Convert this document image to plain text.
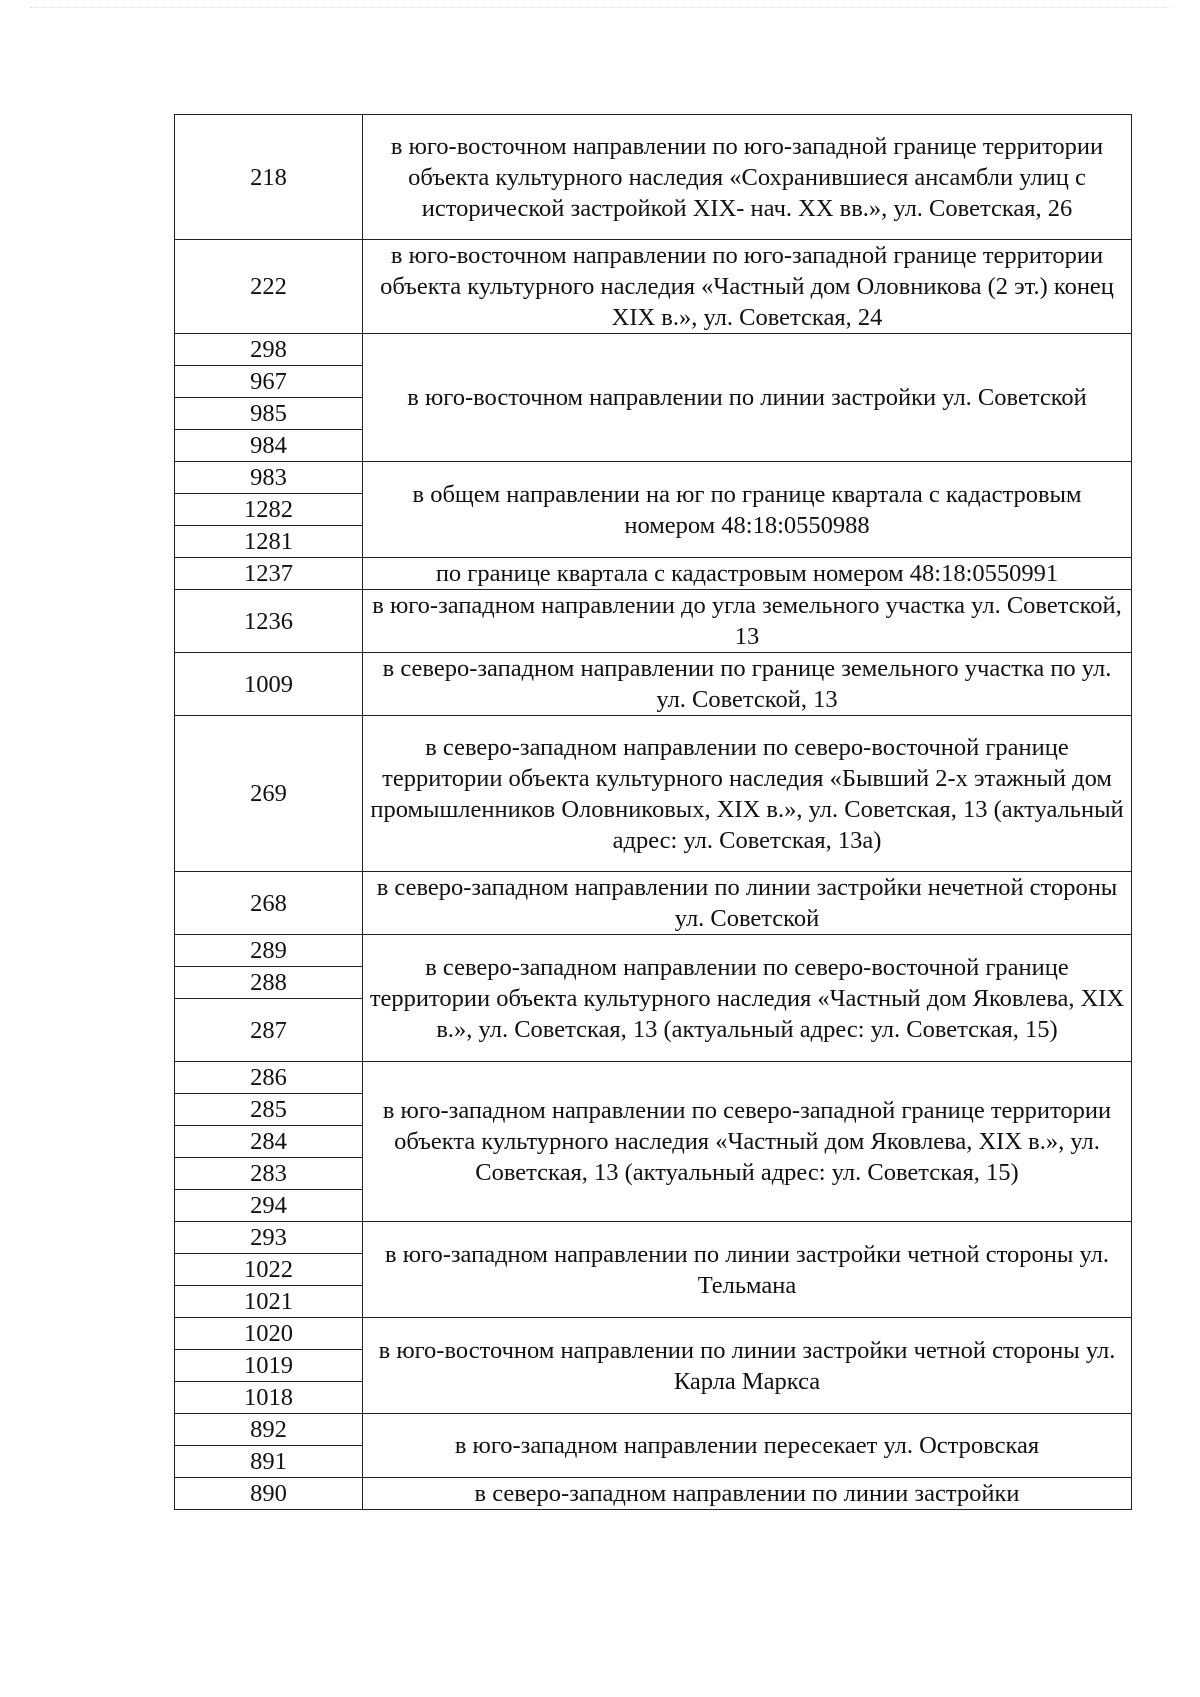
218	в юго-восточном направлении по юго-западной границе территории объекта культурного наследия «Сохранившиеся ансамбли улиц с исторической застройкой XIX- нач. XX вв.», ул. Советская, 26
222	в юго-восточном направлении по юго-западной границе территории объекта культурного наследия «Частный дом Оловникова (2 эт.) конец XIX в.», ул. Советская, 24
298	в юго-восточном направлении по линии застройки ул. Советской
967	
985	
984	
983	в общем направлении на юг по границе квартала с кадастровым номером 48:18:0550988
1282	
1281	
1237	по границе квартала с кадастровым номером 48:18:0550991
1236	в юго-западном направлении до угла земельного участка ул. Советской, 13
1009	в северо-западном направлении по границе земельного участка по ул. ул. Советской, 13
269	в северо-западном направлении по северо-восточной границе территории объекта культурного наследия «Бывший 2-х этажный дом промышленников Оловниковых, XIX в.», ул. Советская, 13 (актуальный адрес: ул. Советская, 13а)
268	в северо-западном направлении по линии застройки нечетной стороны ул. Советской
289	в северо-западном направлении по северо-восточной границе территории объекта культурного наследия «Частный дом Яковлева, XIX в.», ул. Советская, 13 (актуальный адрес: ул. Советская, 15)
288	
287	
286	в юго-западном направлении по северо-западной границе территории объекта культурного наследия «Частный дом Яковлева, XIX в.», ул. Советская, 13 (актуальный адрес: ул. Советская, 15)
285	
284	
283	
294	
293	в юго-западном направлении по линии застройки четной стороны ул. Тельмана
1022	
1021	
1020	в юго-восточном направлении по линии застройки четной стороны ул. Карла Маркса
1019	
1018	
892	в юго-западном направлении пересекает ул. Островская
891	
890	в северо-западном направлении по линии застройки
